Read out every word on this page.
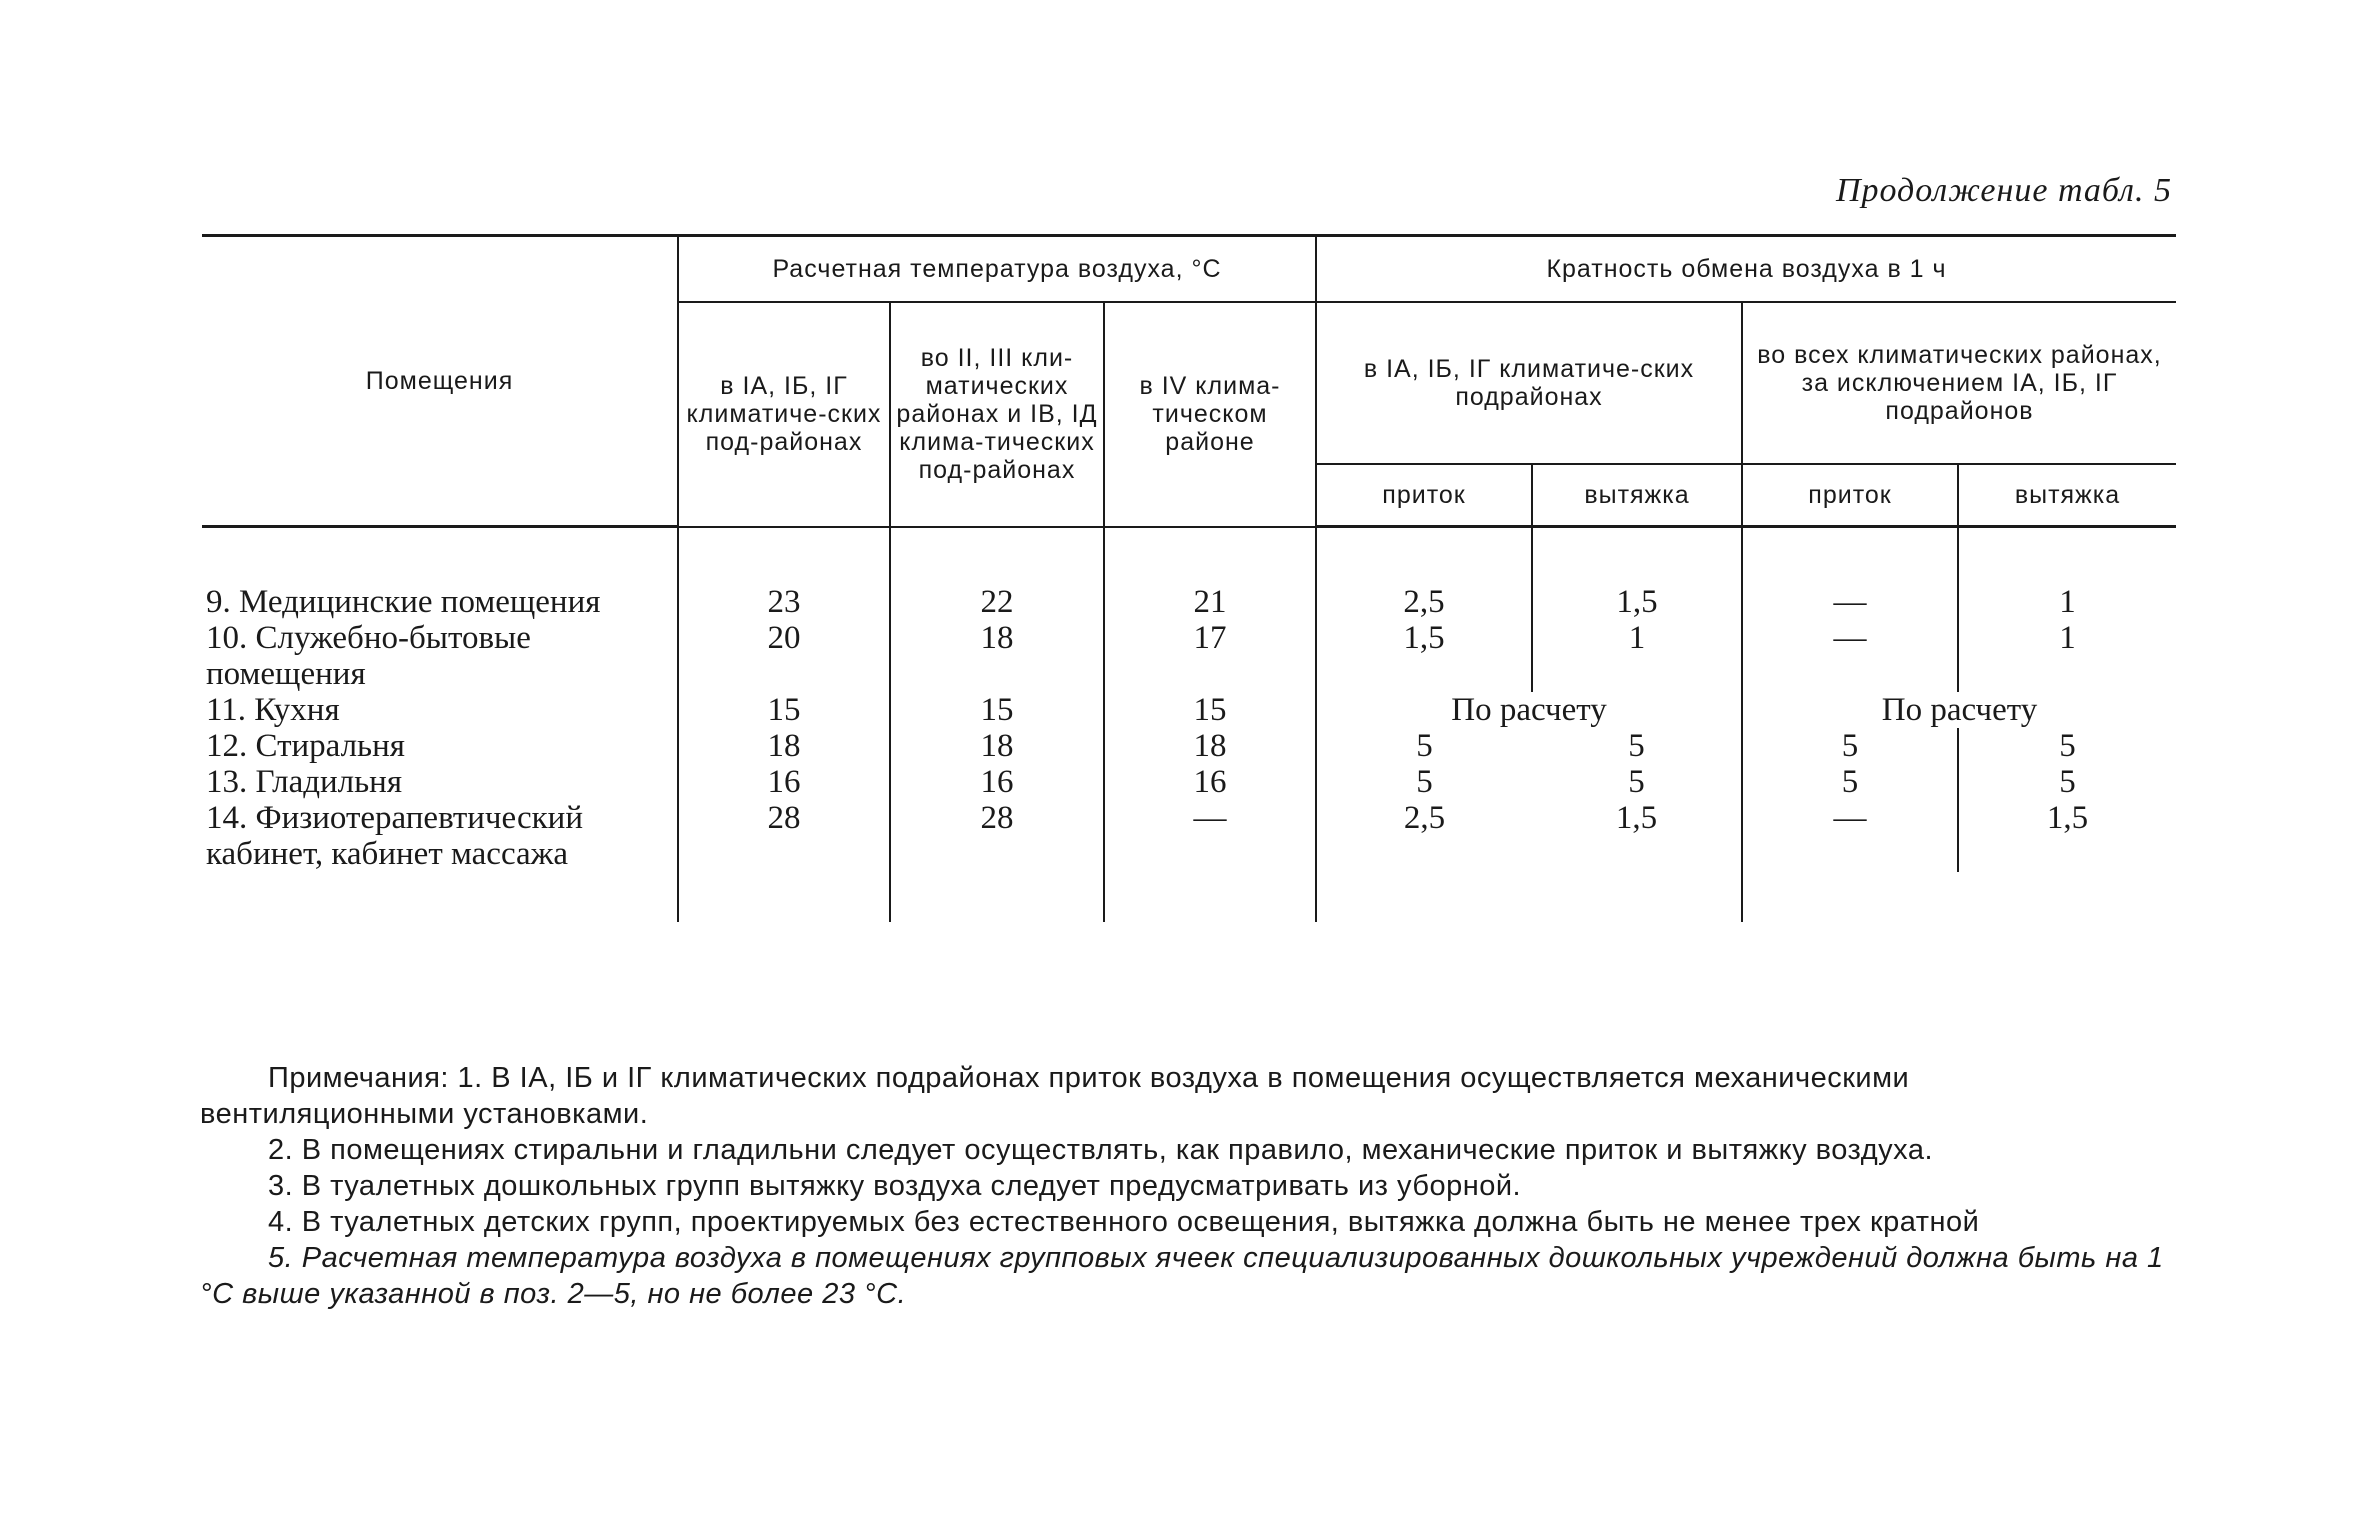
Продолжение табл. 5
Помещения	Расчетная температура воздуха, °С			Кратность обмена воздуха в 1 ч			
	в IА, IБ, IГ климатиче-ских под-районах	во II, III кли-матических районах и IВ, IД клима-тических под-районах	в IV клима-тическом районе	в IА, IБ, IГ климатиче-ских подрайонах		во всех климатических районах, за исключением IА, IБ, IГ подрайонов	
				приток	вытяжка	приток	вытяжка

9. Медицинские помещения	23	22	21	2,5	1,5	—	1
10. Служебно-бытовые помещения	20	18	17	1,5	1	—	1
11. Кухня	15	15	15	По расчету		По расчету	
12. Стиральня	18	18	18	5	5	5	5
13. Гладильня	16	16	16	5	5	5	5
14. Физиотерапевтический кабинет, кабинет массажа	28	28	—	2,5	1,5	—	1,5

Примечания: 1. В IА, IБ и IГ климатических подрайонах приток воздуха в помещения осуществляется механическими вентиляционными установками.

2. В помещениях стиральни и гладильни следует осуществлять, как правило, механические приток и вытяжку воздуха.

3. В туалетных дошкольных групп вытяжку воздуха следует предусматривать из уборной.

4. В туалетных детских групп, проектируемых без естественного освещения, вытяжка должна быть не менее трех кратной

5. Расчетная температура воздуха в помещениях групповых ячеек специализированных дошкольных учреждений должна быть на 1 °С выше указанной в поз. 2—5, но не более 23 °С.
